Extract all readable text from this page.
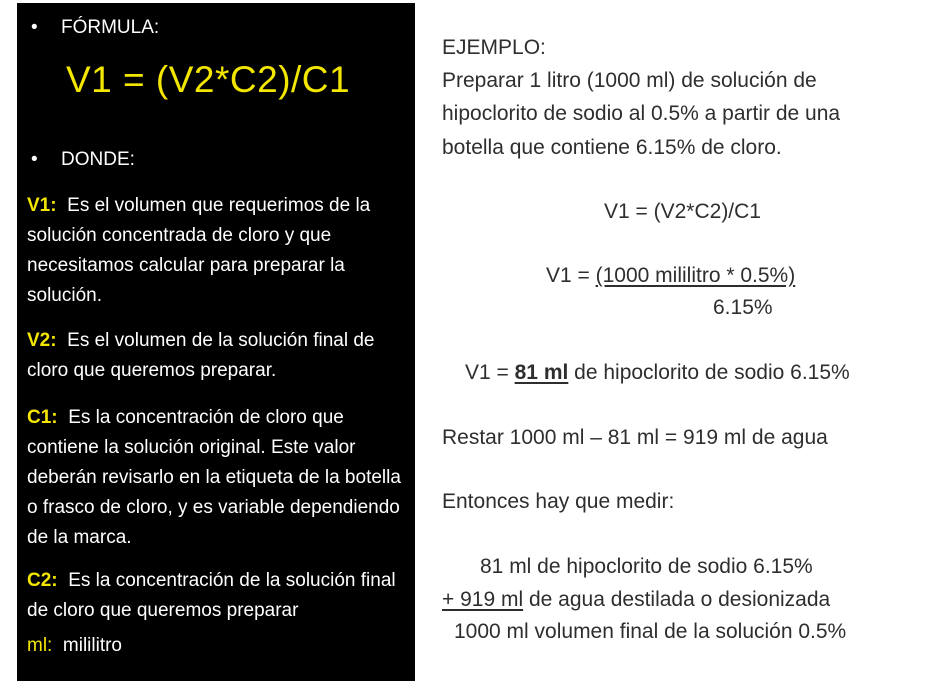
• FÓRMULA:
V1 = (V2*C2)/C1
• DONDE:
V1: Es el volumen que requerimos de la solución concentrada de cloro y que necesitamos calcular para preparar la solución.
V2: Es el volumen de la solución final de cloro que queremos preparar.
C1: Es la concentración de cloro que contiene la solución original. Este valor deberán revisarlo en la etiqueta de la botella o frasco de cloro, y es variable dependiendo de la marca.
C2: Es la concentración de la solución final de cloro que queremos preparar
ml: mililitro
EJEMPLO:
Preparar 1 litro (1000 ml) de solución de
hipoclorito de sodio al 0.5% a partir de una
botella que contiene 6.15% de cloro.
V1 = (V2*C2)/C1
V1 = (1000 mililitro * 0.5%)
6.15%
V1 = 81 ml de hipoclorito de sodio 6.15%
Restar 1000 ml – 81 ml = 919 ml de agua
Entonces hay que medir:
81 ml de hipoclorito de sodio 6.15%
+ 919 ml de agua destilada o desionizada
1000 ml volumen final de la solución 0.5%
